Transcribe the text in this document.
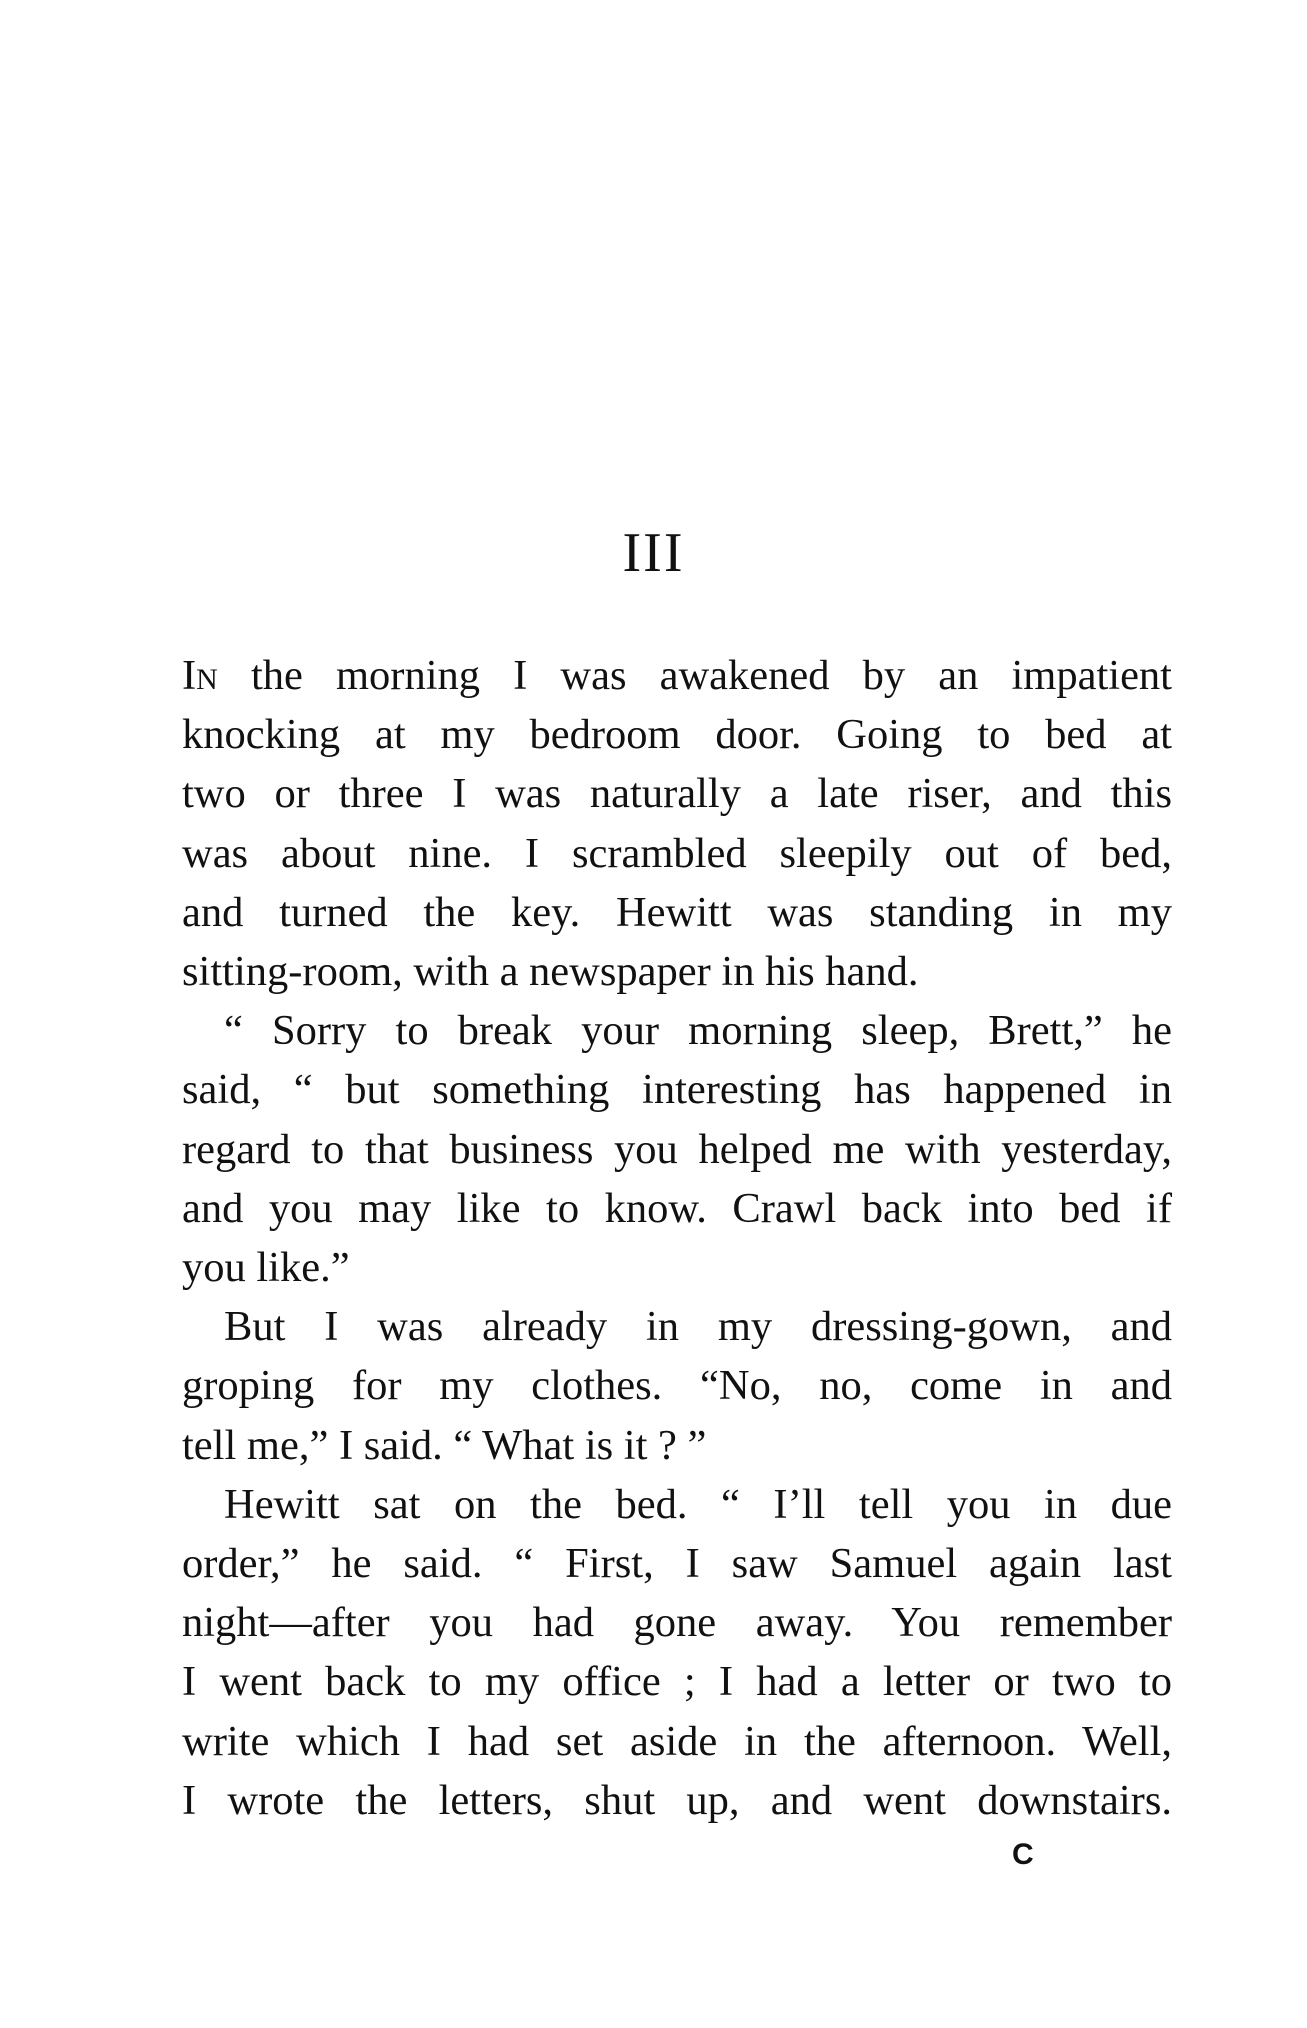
III
In the morning I was awakened by an impatient
knocking at my bedroom door. Going to bed at
two or three I was naturally a late riser, and this
was about nine. I scrambled sleepily out of bed,
and turned the key. Hewitt was standing in my
sitting-room, with a newspaper in his hand.
“ Sorry to break your morning sleep, Brett,” he
said, “ but something interesting has happened in
regard to that business you helped me with yesterday,
and you may like to know. Crawl back into bed if
you like.”
But I was already in my dressing-gown, and
groping for my clothes. “No, no, come in and
tell me,” I said. “ What is it ? ”
Hewitt sat on the bed. “ I’ll tell you in due
order,” he said. “ First, I saw Samuel again last
night—after you had gone away. You remember
I went back to my office ; I had a letter or two to
write which I had set aside in the afternoon. Well,
I wrote the letters, shut up, and went downstairs.
C
